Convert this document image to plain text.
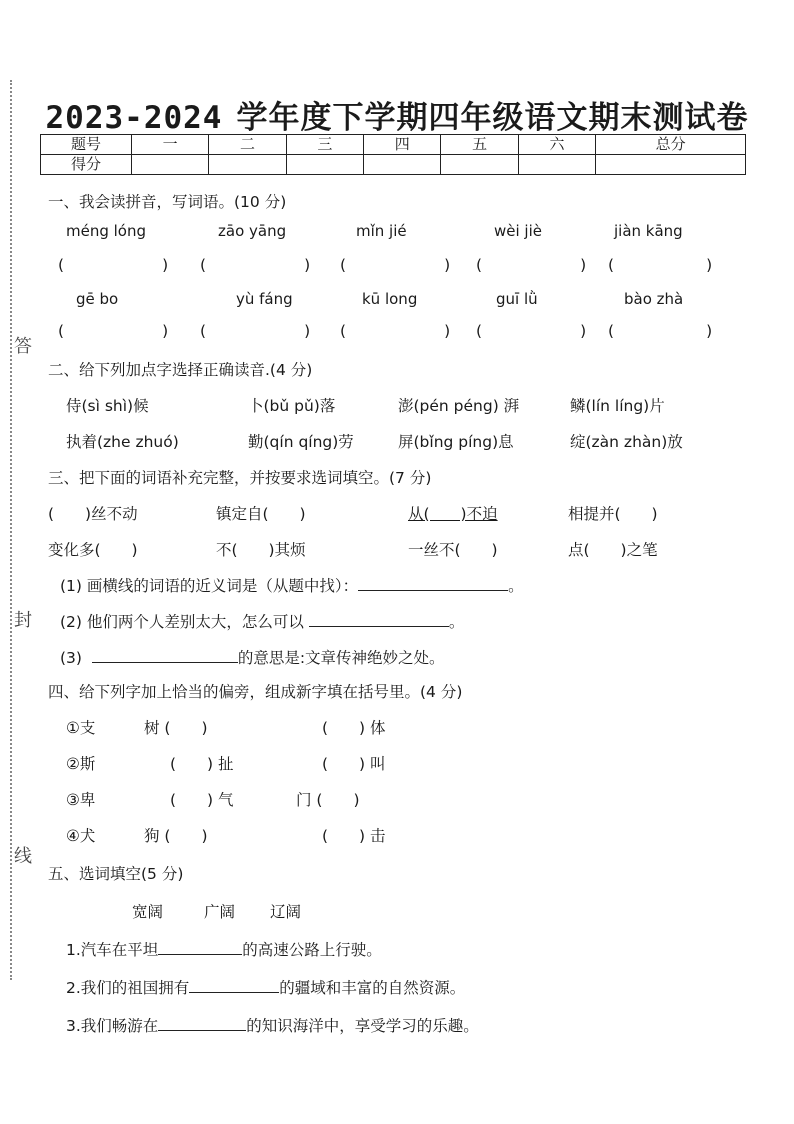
答
封
线
2023-2024 学年度下学期四年级语文期末测试卷
题号	一	二	三	四	五	六	总分
得分							
一、我会读拼音，写词语。(10 分)
méng lóng	zāo yāng	mǐn jié	wèi jiè	jiàn kāng
(	) (	) (	) (	) (	)
gē bo	yù fáng	kū long	guī lǜ	bào zhà
(	) (	) (	) (	) (	)
二、给下列加点字选择正确读音.(4 分)
侍(sì shì)候	卜(bǔ pǔ)落	澎(pén péng) 湃	鳞(lín líng)片
执着(zhe zhuó)	勤(qín qíng)劳	屏(bǐng píng)息	绽(zàn zhàn)放
三、把下面的词语补充完整，并按要求选词填空。(7 分)
(　　)丝不动	镇定自(　　)	从(　　)不迫	相提并(　　)
变化多(　　)	不(　　)其烦	一丝不(　　)	点(　　)之笔
(1) 画横线的词语的近义词是（从题中找）：	。
(2) 他们两个人差别太大，怎么可以	。
(3)	的意思是:文章传神绝妙之处。
四、给下列字加上恰当的偏旁，组成新字填在括号里。(4 分)
①支	树 (　　)	(　　) 体
②斯	(　　) 扯	(　　) 叫
③卑	(　　) 气	门 (　　)
④犬	狗 (　　)	(　　) 击
五、选词填空(5 分)
宽阔	广阔 辽阔
1.汽车在平坦	的高速公路上行驶。
2.我们的祖国拥有	的疆域和丰富的自然资源。
3.我们畅游在	的知识海洋中，享受学习的乐趣。
